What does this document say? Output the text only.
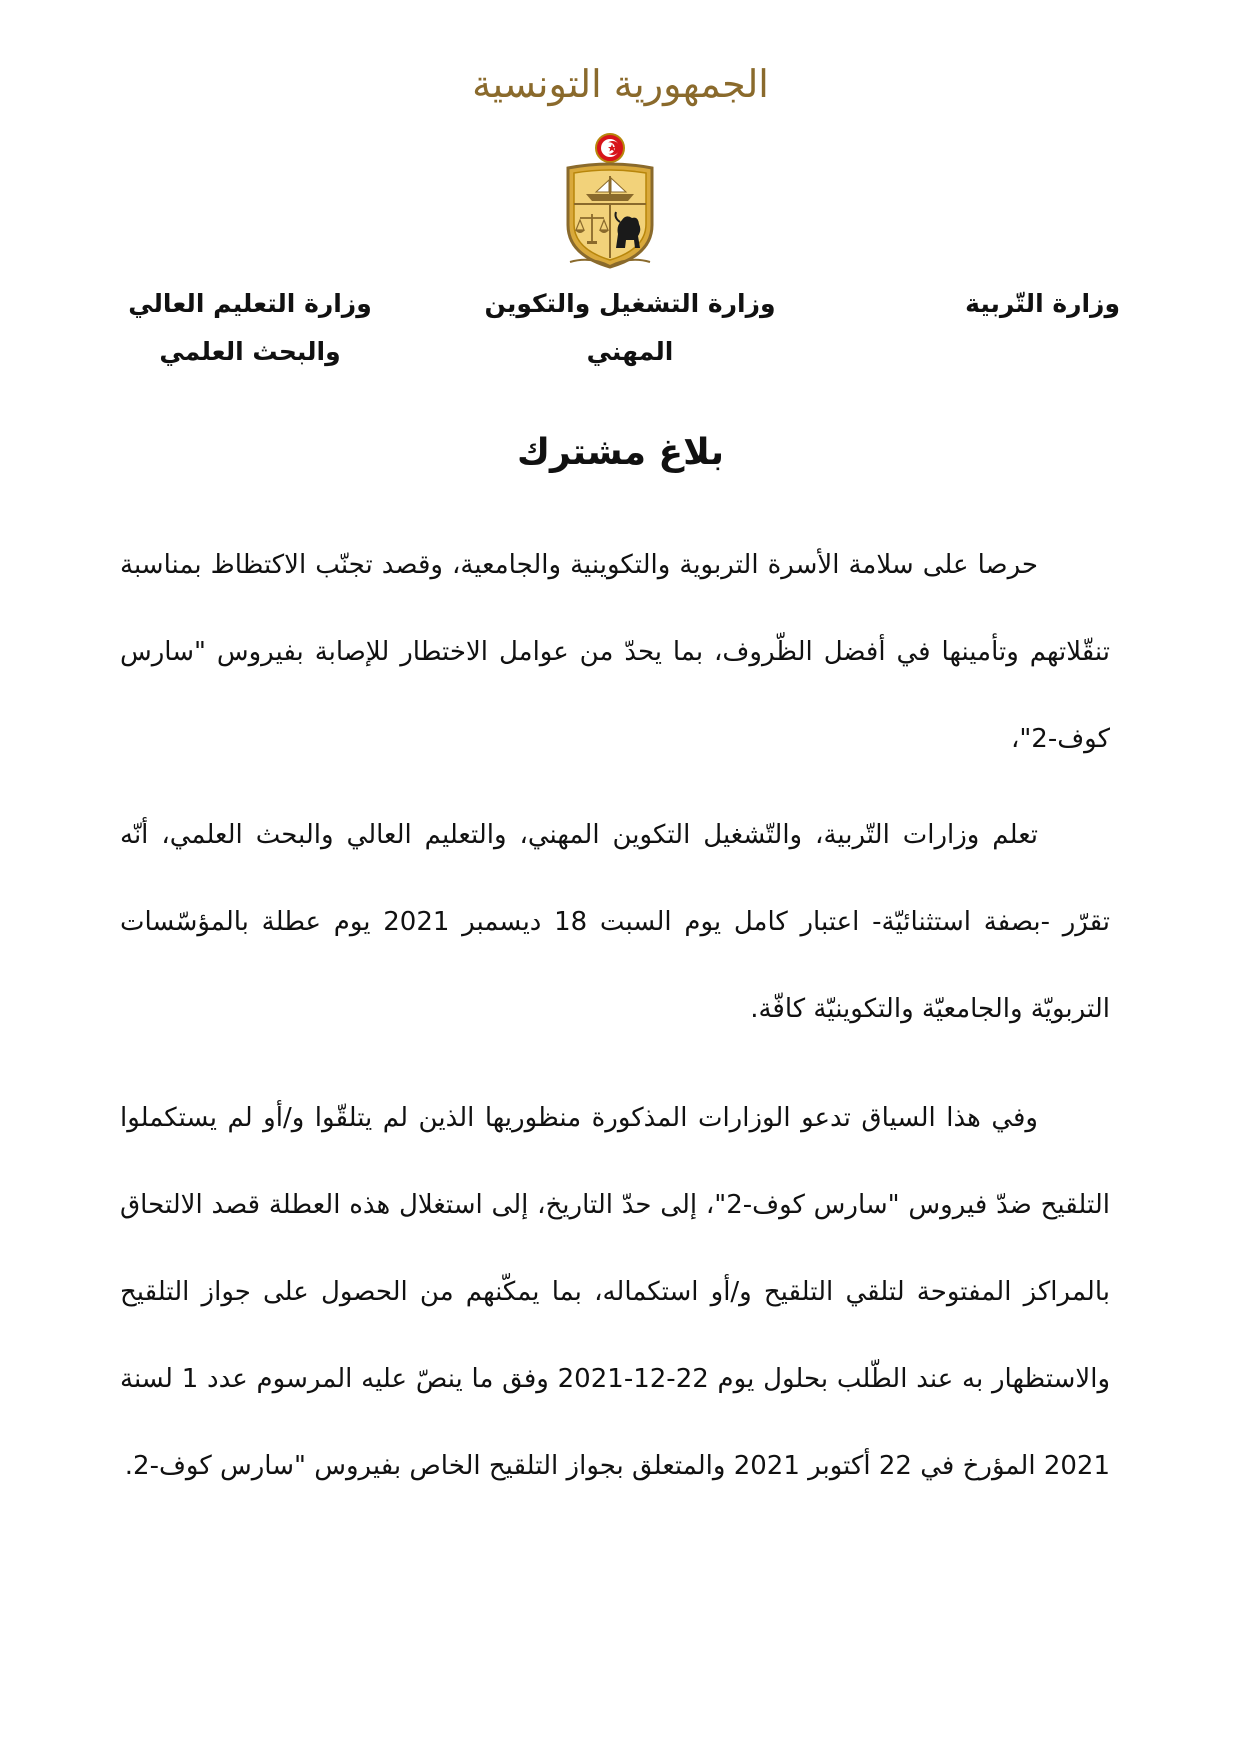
الجمهورية التونسية
وزارة التّربية
وزارة التشغيل والتكوين المهني
وزارة التعليم العالي
والبحث العلمي
بلاغ مشترك
حرصا على سلامة الأسرة التربوية والتكوينية والجامعية، وقصد تجنّب الاكتظاظ بمناسبة تنقّلاتهم وتأمينها في أفضل الظّروف، بما يحدّ من عوامل الاختطار للإصابة بفيروس "سارس كوف-2"،
تعلم وزارات التّربية، والتّشغيل التكوين المهني، والتعليم العالي والبحث العلمي، أنّه تقرّر -بصفة استثنائيّة- اعتبار كامل يوم السبت 18 ديسمبر 2021 يوم عطلة بالمؤسّسات التربويّة والجامعيّة والتكوينيّة كافّة.
وفي هذا السياق تدعو الوزارات المذكورة منظوريها الذين لم يتلقّوا و/أو لم يستكملوا التلقيح ضدّ فيروس "سارس كوف-2"، إلى حدّ التاريخ، إلى استغلال هذه العطلة قصد الالتحاق بالمراكز المفتوحة لتلقي التلقيح و/أو استكماله، بما يمكّنهم من الحصول على جواز التلقيح والاستظهار به عند الطّلب بحلول يوم 22-12-2021 وفق ما ينصّ عليه المرسوم عدد 1 لسنة 2021 المؤرخ في 22 أكتوبر 2021 والمتعلق بجواز التلقيح الخاص بفيروس "سارس كوف-2.
